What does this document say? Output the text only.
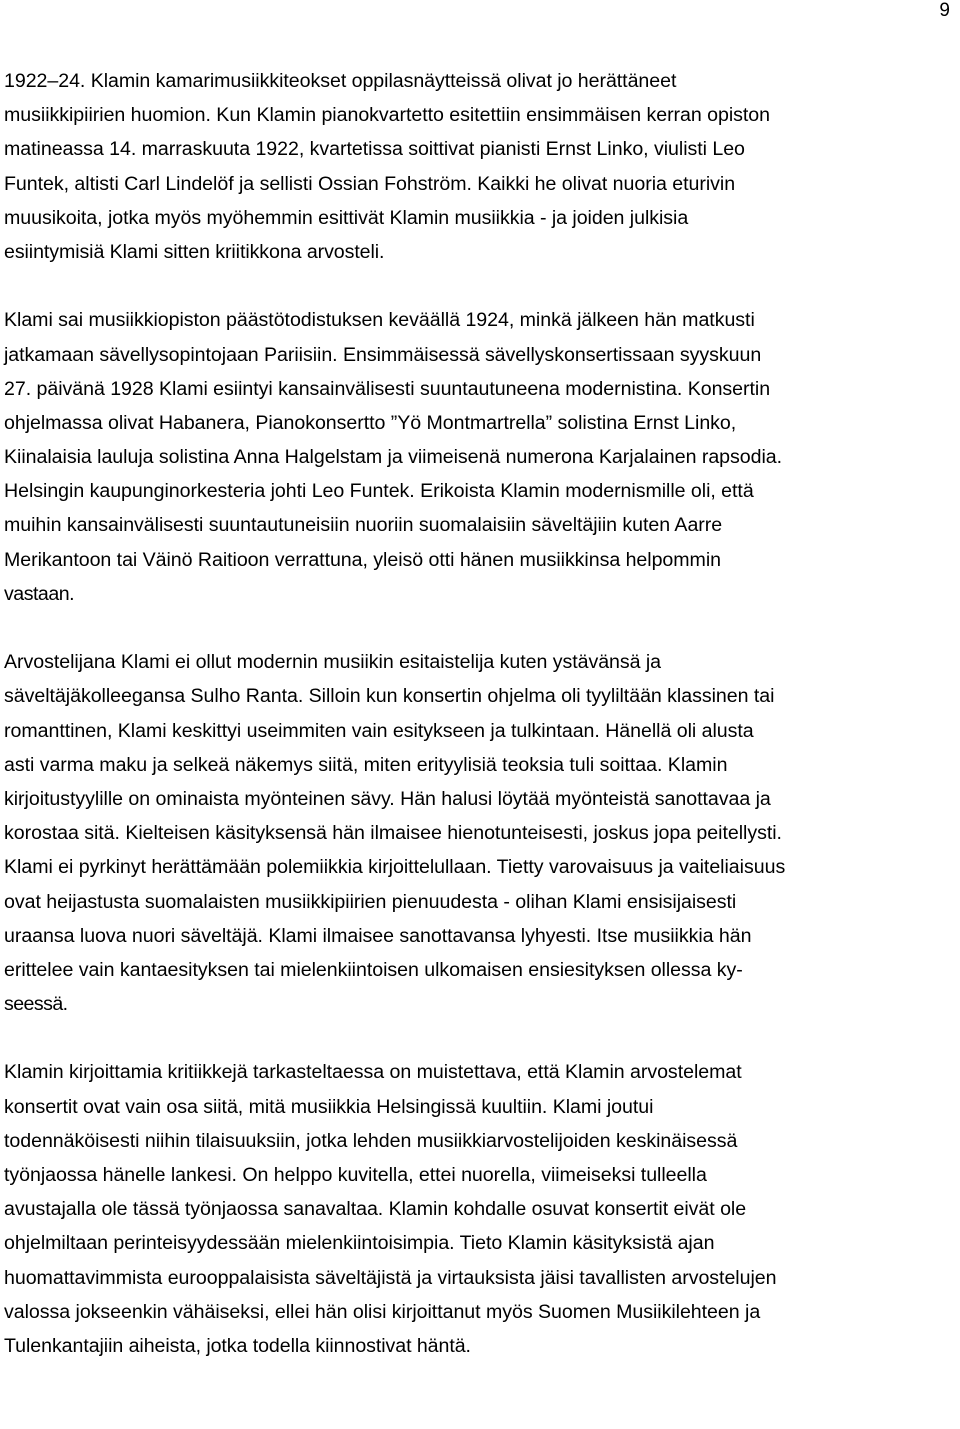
9
1922–24. Klamin kamarimusiikkiteokset oppilasnäytteissä olivat jo herättäneet
musiikkipiirien huomion. Kun Klamin pianokvartetto esitettiin ensimmäisen kerran opiston
matineassa 14. marraskuuta 1922, kvartetissa soittivat pianisti Ernst Linko, viulisti Leo
Funtek, altisti Carl Lindelöf ja sellisti Ossian Fohström. Kaikki he olivat nuoria eturivin
muusikoita, jotka myös myöhemmin esittivät Klamin musiikkia - ja joiden julkisia
esiintymisiä Klami sitten kriitikkona arvosteli.
Klami sai musiikkiopiston päästötodistuksen keväällä 1924, minkä jälkeen hän matkusti
jatkamaan sävellysopintojaan Pariisiin. Ensimmäisessä sävellyskonsertissaan syyskuun
27. päivänä 1928 Klami esiintyi kansainvälisesti suuntautuneena modernistina. Konsertin
ohjelmassa olivat Habanera, Pianokonsertto ”Yö Montmartrella” solistina Ernst Linko,
Kiinalaisia lauluja solistina Anna Halgelstam ja viimeisenä numerona Karjalainen rapsodia.
Helsingin kaupunginorkesteria johti Leo Funtek. Erikoista Klamin modernismille oli, että
muihin kansainvälisesti suuntautuneisiin nuoriin suomalaisiin säveltäjiin kuten Aarre
Merikantoon tai Väinö Raitioon verrattuna, yleisö otti hänen musiikkinsa helpommin
vastaan.
Arvostelijana Klami ei ollut modernin musiikin esitaistelija kuten ystävänsä ja
säveltäjäkolleegansa Sulho Ranta. Silloin kun konsertin ohjelma oli tyyliltään klassinen tai
romanttinen, Klami keskittyi useimmiten vain esitykseen ja tulkintaan. Hänellä oli alusta
asti varma maku ja selkeä näkemys siitä, miten erityylisiä teoksia tuli soittaa. Klamin
kirjoitustyylille on ominaista myönteinen sävy. Hän halusi löytää myönteistä sanottavaa ja
korostaa sitä. Kielteisen käsityksensä hän ilmaisee hienotunteisesti, joskus jopa peitellysti.
Klami ei pyrkinyt herättämään polemiikkia kirjoittelullaan. Tietty varovaisuus ja vaiteliaisuus
ovat heijastusta suomalaisten musiikkipiirien pienuudesta - olihan Klami ensisijaisesti
uraansa luova nuori säveltäjä. Klami ilmaisee sanottavansa lyhyesti. Itse musiikkia hän
erittelee vain kantaesityksen tai mielenkiintoisen ulkomaisen ensiesityksen ollessa ky-
seessä.
Klamin kirjoittamia kritiikkejä tarkasteltaessa on muistettava, että Klamin arvostelemat
konsertit ovat vain osa siitä, mitä musiikkia Helsingissä kuultiin. Klami joutui
todennäköisesti niihin tilaisuuksiin, jotka lehden musiikkiarvostelijoiden keskinäisessä
työnjaossa hänelle lankesi. On helppo kuvitella, ettei nuorella, viimeiseksi tulleella
avustajalla ole tässä työnjaossa sanavaltaa. Klamin kohdalle osuvat konsertit eivät ole
ohjelmiltaan perinteisyydessään mielenkiintoisimpia. Tieto Klamin käsityksistä ajan
huomattavimmista eurooppalaisista säveltäjistä ja virtauksista jäisi tavallisten arvostelujen
valossa jokseenkin vähäiseksi, ellei hän olisi kirjoittanut myös Suomen Musiikilehteen ja
Tulenkantajiin aiheista, jotka todella kiinnostivat häntä.
